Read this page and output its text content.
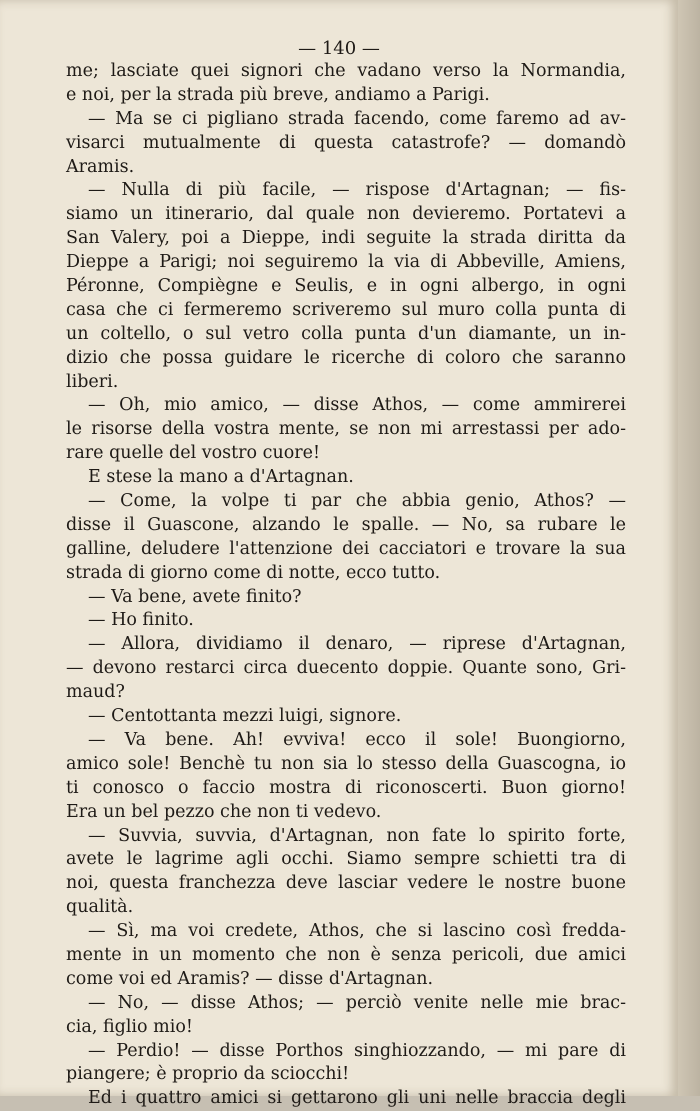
— 140 —
me; lasciate quei signori che vadano verso la Normandia,
e noi, per la strada più breve, andiamo a Parigi.
— Ma se ci pigliano strada facendo, come faremo ad av-
visarci mutualmente di questa catastrofe? — domandò
Aramis.
— Nulla di più facile, — rispose d'Artagnan; — fis-
siamo un itinerario, dal quale non devieremo. Portatevi a
San Valery, poi a Dieppe, indi seguite la strada diritta da
Dieppe a Parigi; noi seguiremo la via di Abbeville, Amiens,
Péronne, Compiègne e Seulis, e in ogni albergo, in ogni
casa che ci fermeremo scriveremo sul muro colla punta di
un coltello, o sul vetro colla punta d'un diamante, un in-
dizio che possa guidare le ricerche di coloro che saranno
liberi.
— Oh, mio amico, — disse Athos, — come ammirerei
le risorse della vostra mente, se non mi arrestassi per ado-
rare quelle del vostro cuore!
E stese la mano a d'Artagnan.
— Come, la volpe ti par che abbia genio, Athos? —
disse il Guascone, alzando le spalle. — No, sa rubare le
galline, deludere l'attenzione dei cacciatori e trovare la sua
strada di giorno come di notte, ecco tutto.
— Va bene, avete finito?
— Ho finito.
— Allora, dividiamo il denaro, — riprese d'Artagnan,
— devono restarci circa duecento doppie. Quante sono, Gri-
maud?
— Centottanta mezzi luigi, signore.
— Va bene. Ah! evviva! ecco il sole! Buongiorno,
amico sole! Benchè tu non sia lo stesso della Guascogna, io
ti conosco o faccio mostra di riconoscerti. Buon giorno!
Era un bel pezzo che non ti vedevo.
— Suvvia, suvvia, d'Artagnan, non fate lo spirito forte,
avete le lagrime agli occhi. Siamo sempre schietti tra di
noi, questa franchezza deve lasciar vedere le nostre buone
qualità.
— Sì, ma voi credete, Athos, che si lascino così fredda-
mente in un momento che non è senza pericoli, due amici
come voi ed Aramis? — disse d'Artagnan.
— No, — disse Athos; — perciò venite nelle mie brac-
cia, figlio mio!
— Perdio! — disse Porthos singhiozzando, — mi pare di
piangere; è proprio da sciocchi!
Ed i quattro amici si gettarono gli uni nelle braccia degli
